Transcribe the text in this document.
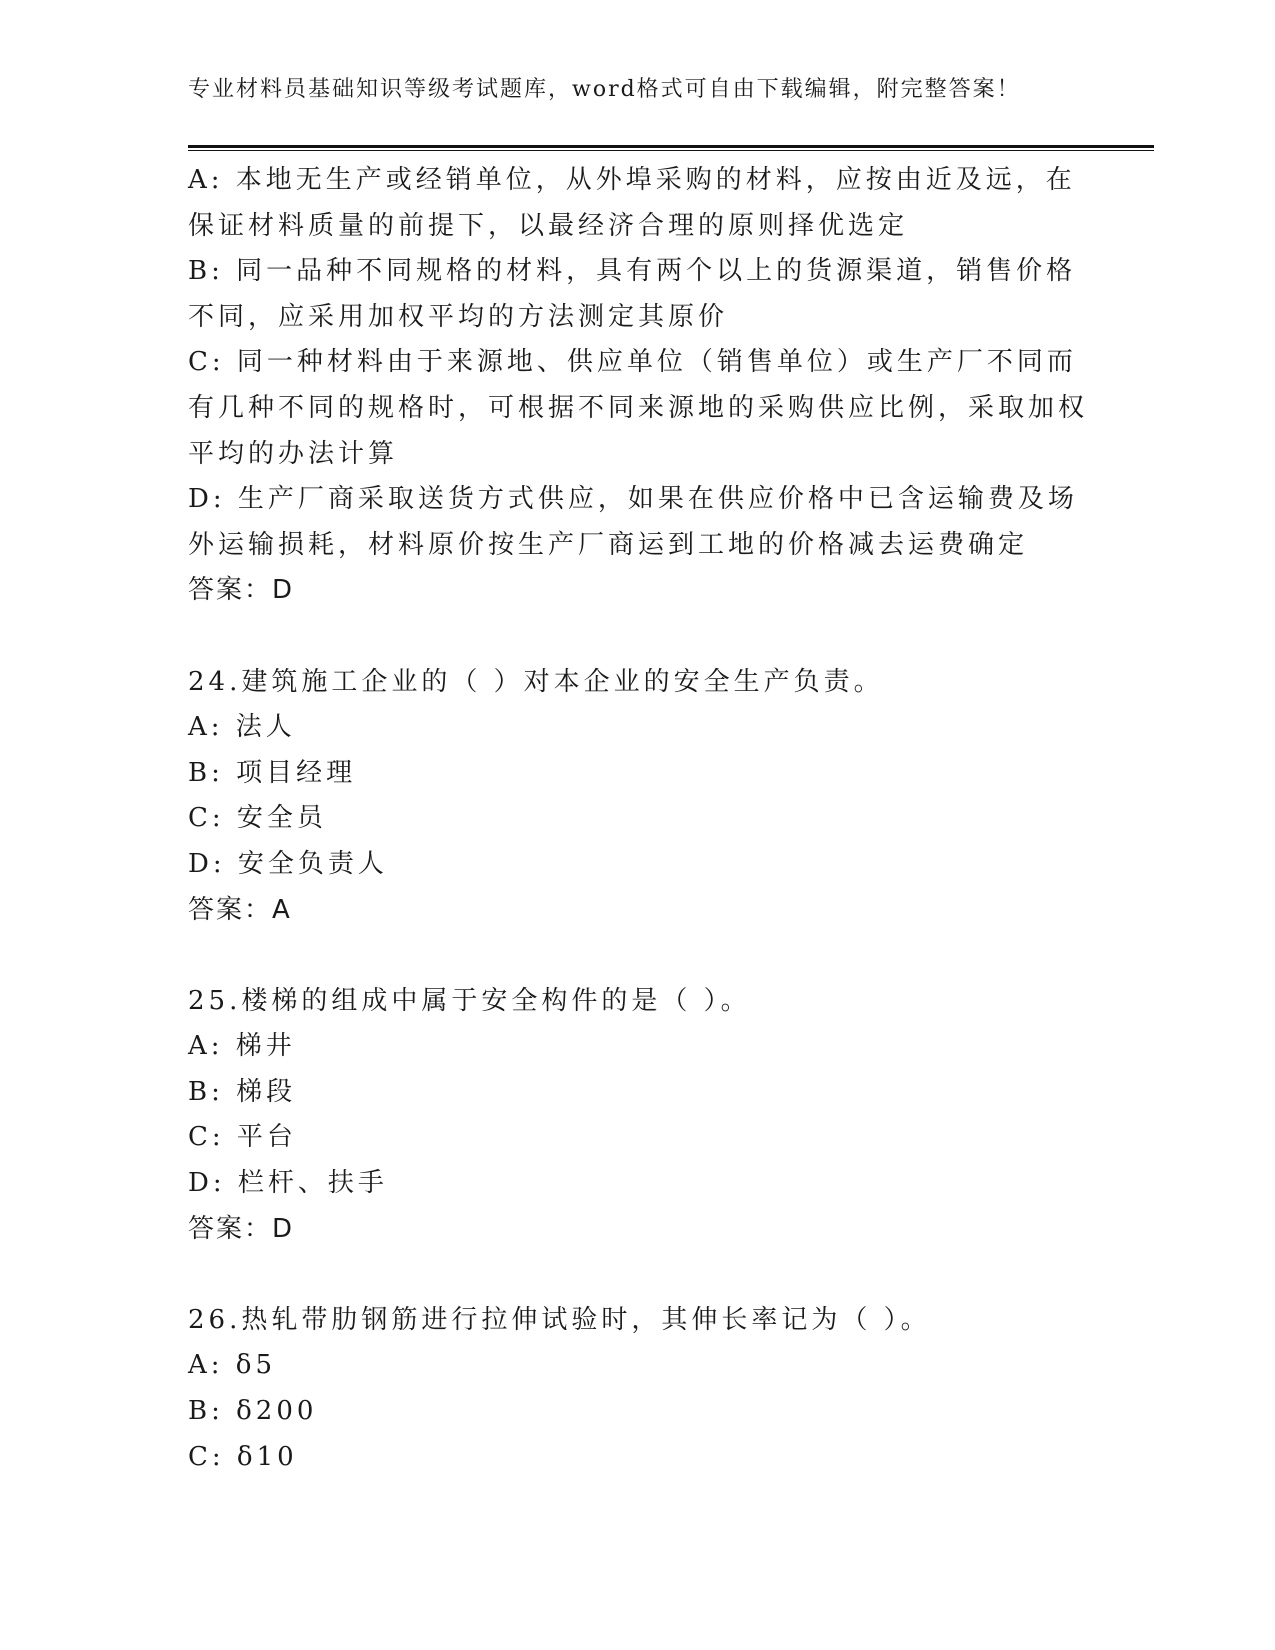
专业材料员基础知识等级考试题库，word格式可自由下载编辑，附完整答案！
A: 本地无生产或经销单位，从外埠采购的材料，应按由近及远，在保证材料质量的前提下，以最经济合理的原则择优选定
B: 同一品种不同规格的材料，具有两个以上的货源渠道，销售价格不同，应采用加权平均的方法测定其原价
C: 同一种材料由于来源地、供应单位（销售单位）或生产厂不同而有几种不同的规格时，可根据不同来源地的采购供应比例，采取加权平均的办法计算
D: 生产厂商采取送货方式供应，如果在供应价格中已含运输费及场外运输损耗，材料原价按生产厂商运到工地的价格减去运费确定
答案：D
24.建筑施工企业的（ ）对本企业的安全生产负责。
A: 法人
B: 项目经理
C: 安全员
D: 安全负责人
答案：A
25.楼梯的组成中属于安全构件的是（ ）。
A: 梯井
B: 梯段
C: 平台
D: 栏杆、扶手
答案：D
26.热轧带肋钢筋进行拉伸试验时，其伸长率记为（ ）。
A: δ5
B: δ200
C: δ10
